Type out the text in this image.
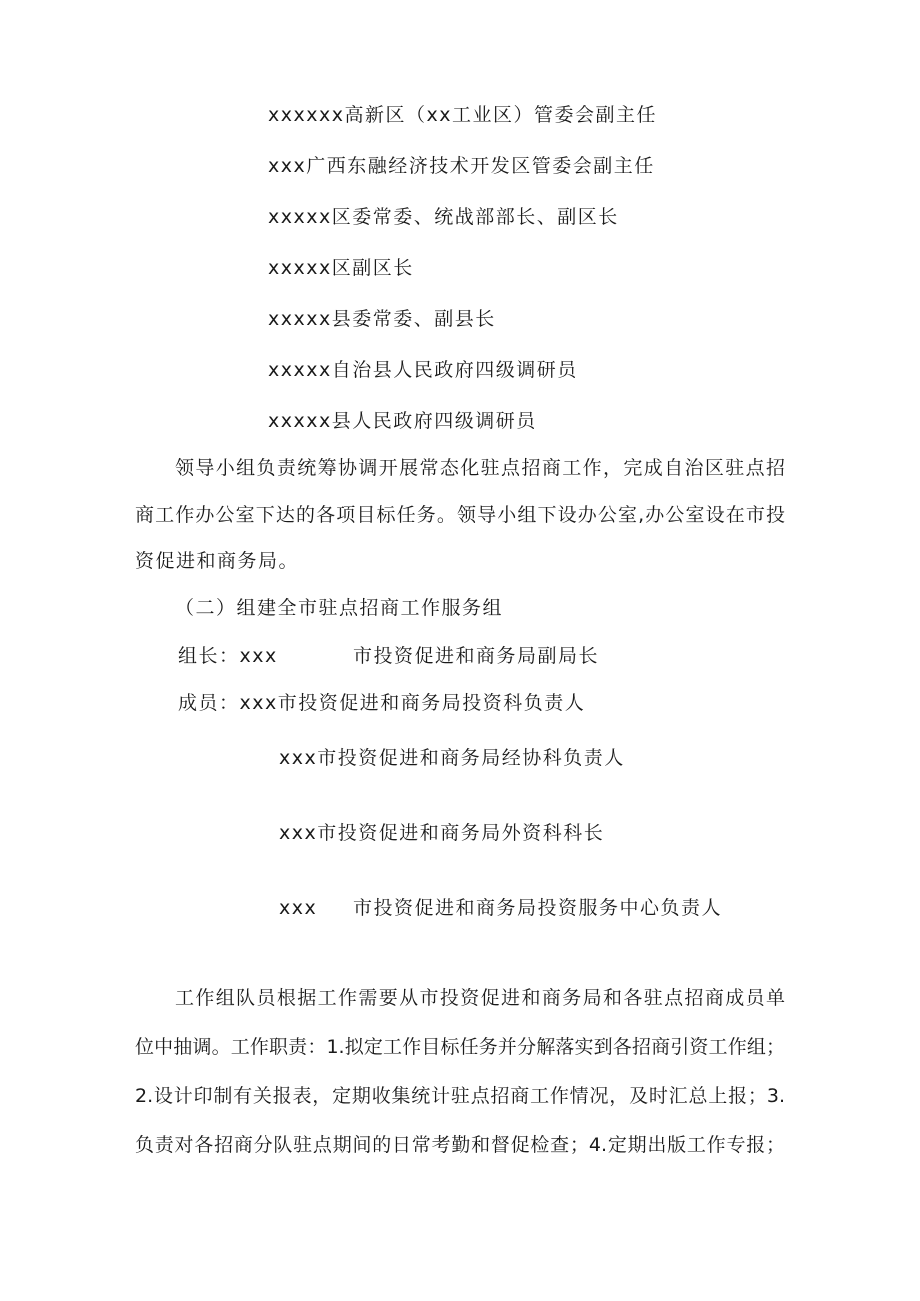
xxxxxx高新区（xx工业区）管委会副主任
xxx广西东融经济技术开发区管委会副主任
xxxxx区委常委、统战部部长、副区长
xxxxx区副区长
xxxxx县委常委、副县长
xxxxx自治县人民政府四级调研员
xxxxx县人民政府四级调研员
领导小组负责统筹协调开展常态化驻点招商工作，完成自治区驻点招
商工作办公室下达的各项目标任务。领导小组下设办公室,办公室设在市投
资促进和商务局。
（二）组建全市驻点招商工作服务组
组长：xxx	市投资促进和商务局副局长
成员：xxx市投资促进和商务局投资科负责人
xxx市投资促进和商务局经协科负责人
xxx市投资促进和商务局外资科科长
xxx 市投资促进和商务局投资服务中心负责人
工作组队员根据工作需要从市投资促进和商务局和各驻点招商成员单
位中抽调。工作职责：1.拟定工作目标任务并分解落实到各招商引资工作组；
2.设计印制有关报表，定期收集统计驻点招商工作情况，及时汇总上报；3.
负责对各招商分队驻点期间的日常考勤和督促检查；4.定期出版工作专报；
